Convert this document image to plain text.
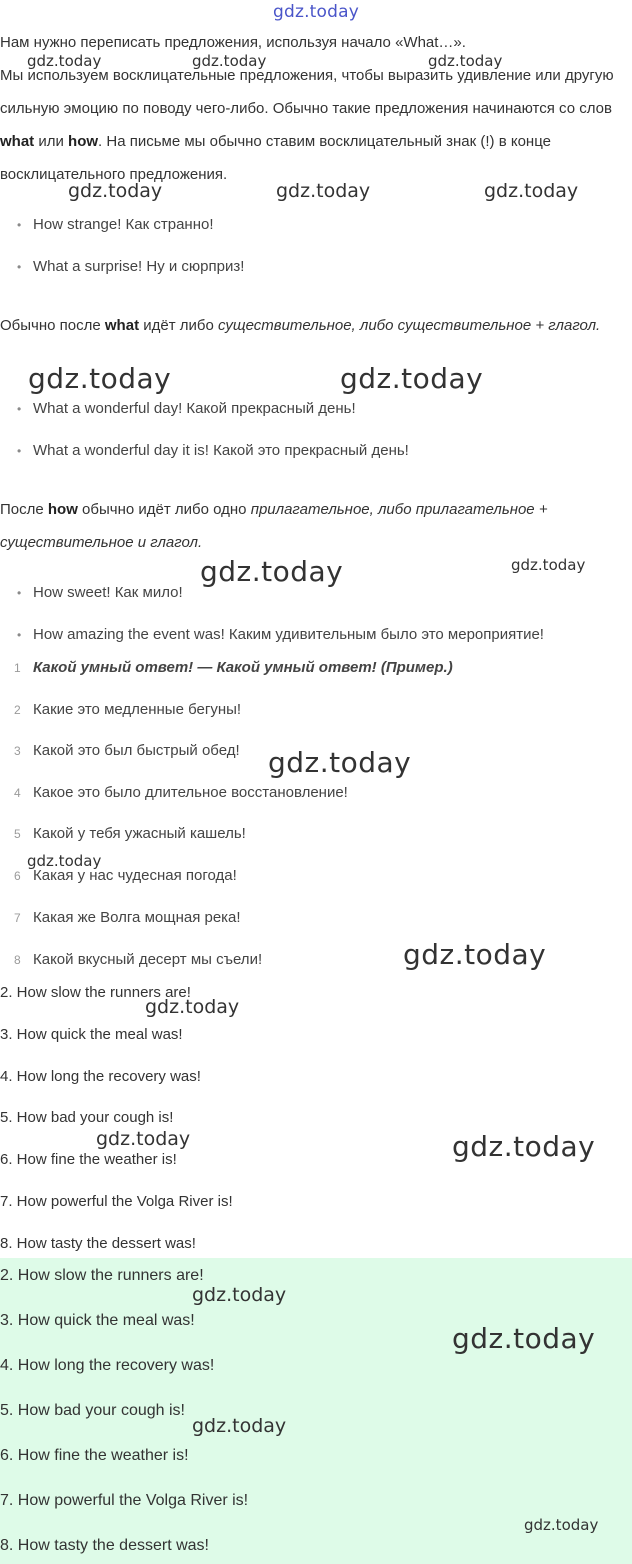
gdz.today

Нам нужно переписать предложения, используя начало «What…».

Мы используем восклицательные предложения, чтобы выразить удивление или другую сильную эмоцию по поводу чего-либо. Обычно такие предложения начинаются со слов what или how. На письме мы обычно ставим восклицательный знак (!) в конце восклицательного предложения.

• How strange! Как странно!
• What a surprise! Ну и сюрприз!

Обычно после what идёт либо существительное, либо существительное + глагол.

• What a wonderful day! Какой прекрасный день!
• What a wonderful day it is! Какой это прекрасный день!

После how обычно идёт либо одно прилагательное, либо прилагательное + существительное и глагол.

• How sweet! Как мило!
• How amazing the event was! Каким удивительным было это мероприятие!
1 Какой умный ответ! — Какой умный ответ! (Пример.)
2 Какие это медленные бегуны!
3 Какой это был быстрый обед!
4 Какое это было длительное восстановление!
5 Какой у тебя ужасный кашель!
6 Какая у нас чудесная погода!
7 Какая же Волга мощная река!
8 Какой вкусный десерт мы съели!
2. How slow the runners are!
3. How quick the meal was!
4. How long the recovery was!
5. How bad your cough is!
6. How fine the weather is!
7. How powerful the Volga River is!
8. How tasty the dessert was!
2. How slow the runners are!
3. How quick the meal was!
4. How long the recovery was!
5. How bad your cough is!
6. How fine the weather is!
7. How powerful the Volga River is!
8. How tasty the dessert was!
gdz.today	gdz.today	gdz.today
gdz.today	gdz.today	gdz.today
gdz.today	gdz.today
gdz.today	gdz.today
gdz.today
gdz.today
gdz.today
gdz.today
gdz.today	gdz.today
gdz.today
gdz.today
gdz.today
gdz.today
